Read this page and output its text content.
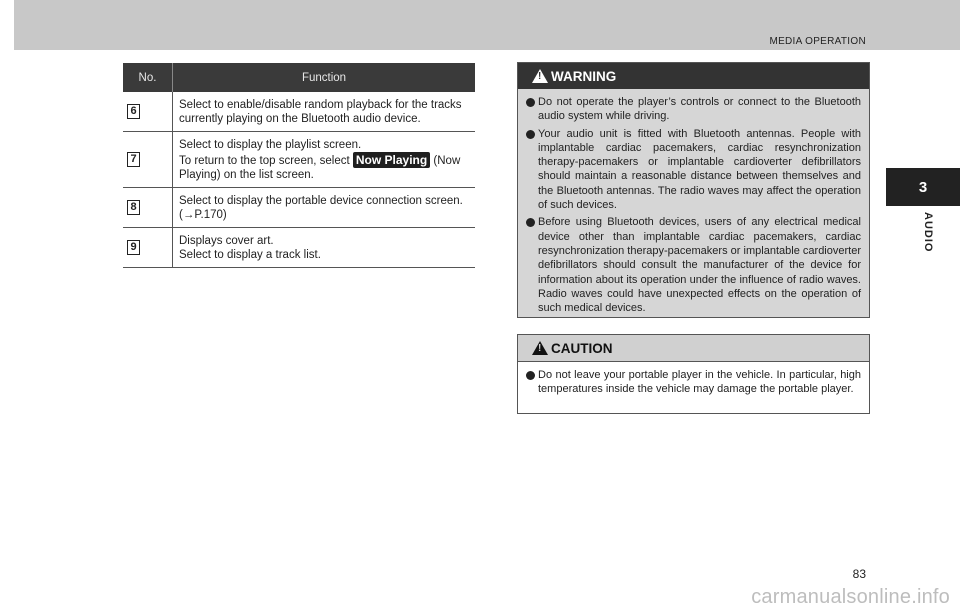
MEDIA OPERATION
No.	Function
6	Select to enable/disable random playback for the tracks
currently playing on the Bluetooth audio device.
7	Select to display the playlist screen.
To return to the top screen, select Now Playing (Now
Playing) on the list screen.
8	Select to display the portable device connection screen.
(→P.170)
9	Displays cover art.
Select to display a track list.
! WARNING
Do not operate the player’s controls or connect to the Bluetooth audio system while driving.
Your audio unit is fitted with Bluetooth antennas. People with implantable cardiac pacemakers, cardiac resynchronization therapy-pacemakers or implantable cardioverter defibrillators should maintain a reasonable distance between themselves and the Bluetooth antennas. The radio waves may affect the operation of such devices.
Before using Bluetooth devices, users of any electrical medical device other than implantable cardiac pacemakers, cardiac resynchronization therapy-pacemakers or implantable cardioverter defibrillators should consult the manufacturer of the device for information about its operation under the influence of radio waves. Radio waves could have unexpected effects on the operation of such medical devices.
! CAUTION
Do not leave your portable player in the vehicle. In particular, high temperatures inside the vehicle may damage the portable player.
3
AUDIO
83
carmanualsonline.info
